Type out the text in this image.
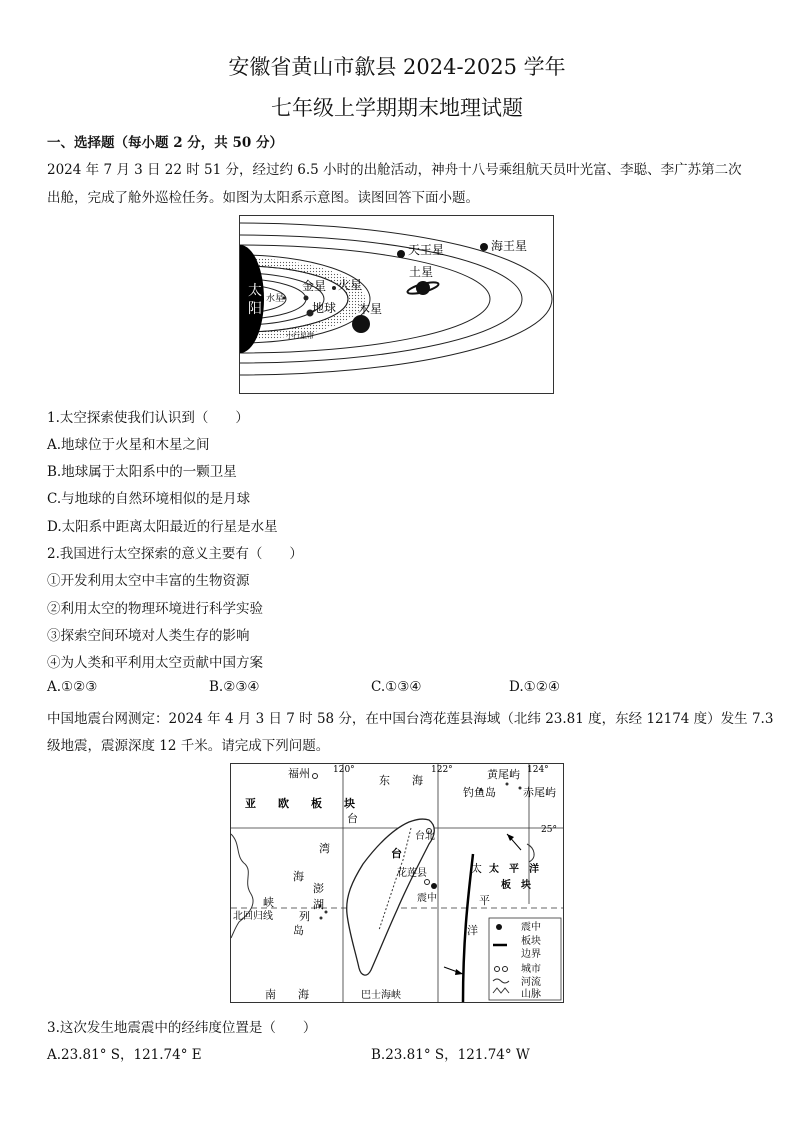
安徽省黄山市歙县 2024-2025 学年
七年级上学期期末地理试题
一、选择题（每小题 2 分，共 50 分）
2024 年 7 月 3 日 22 时 51 分，经过约 6.5 小时的出舱活动，神舟十八号乘组航天员叶光富、李聪、李广苏第二次
出舱，完成了舱外巡检任务。如图为太阳系示意图。读图回答下面小题。
太
阳
水星
金星
地球
火星
木星
土星
天王星	海王星
小行星带
1.太空探索使我们认识到（　　）
A.地球位于火星和木星之间
B.地球属于太阳系中的一颗卫星
C.与地球的自然环境相似的是月球
D.太阳系中距离太阳最近的行星是水星
2.我国进行太空探索的意义主要有（　　）
①开发利用太空中丰富的生物资源
②利用太空的物理环境进行科学实验
③探索空间环境对人类生存的影响
④为人类和平利用太空贡献中国方案
A.①②③	B.②③④	C.①③④	D.①②④
中国地震台网测定：2024 年 4 月 3 日 7 时 58 分，在中国台湾花莲县海域（北纬 23.81 度，东经 12174 度）发生 7.3
级地震，震源深度 12 千米。请完成下列问题。
福州	120°
东　　海
122°	黄尾屿 124°
钓鱼岛 赤尾屿
亚　　欧　　板　　块
台
台北
25°
湾	台
海
澎
湖
峡
列
岛
花莲县
震中
北回归线
太　平　洋
板　块
太
平
洋
南　　海	巴士海峡
震中
板块
边界
城市
河流
山脉
3.这次发生地震震中的经纬度位置是（　　）
A.23.81° S，121.74° E	B.23.81° S，121.74° W
